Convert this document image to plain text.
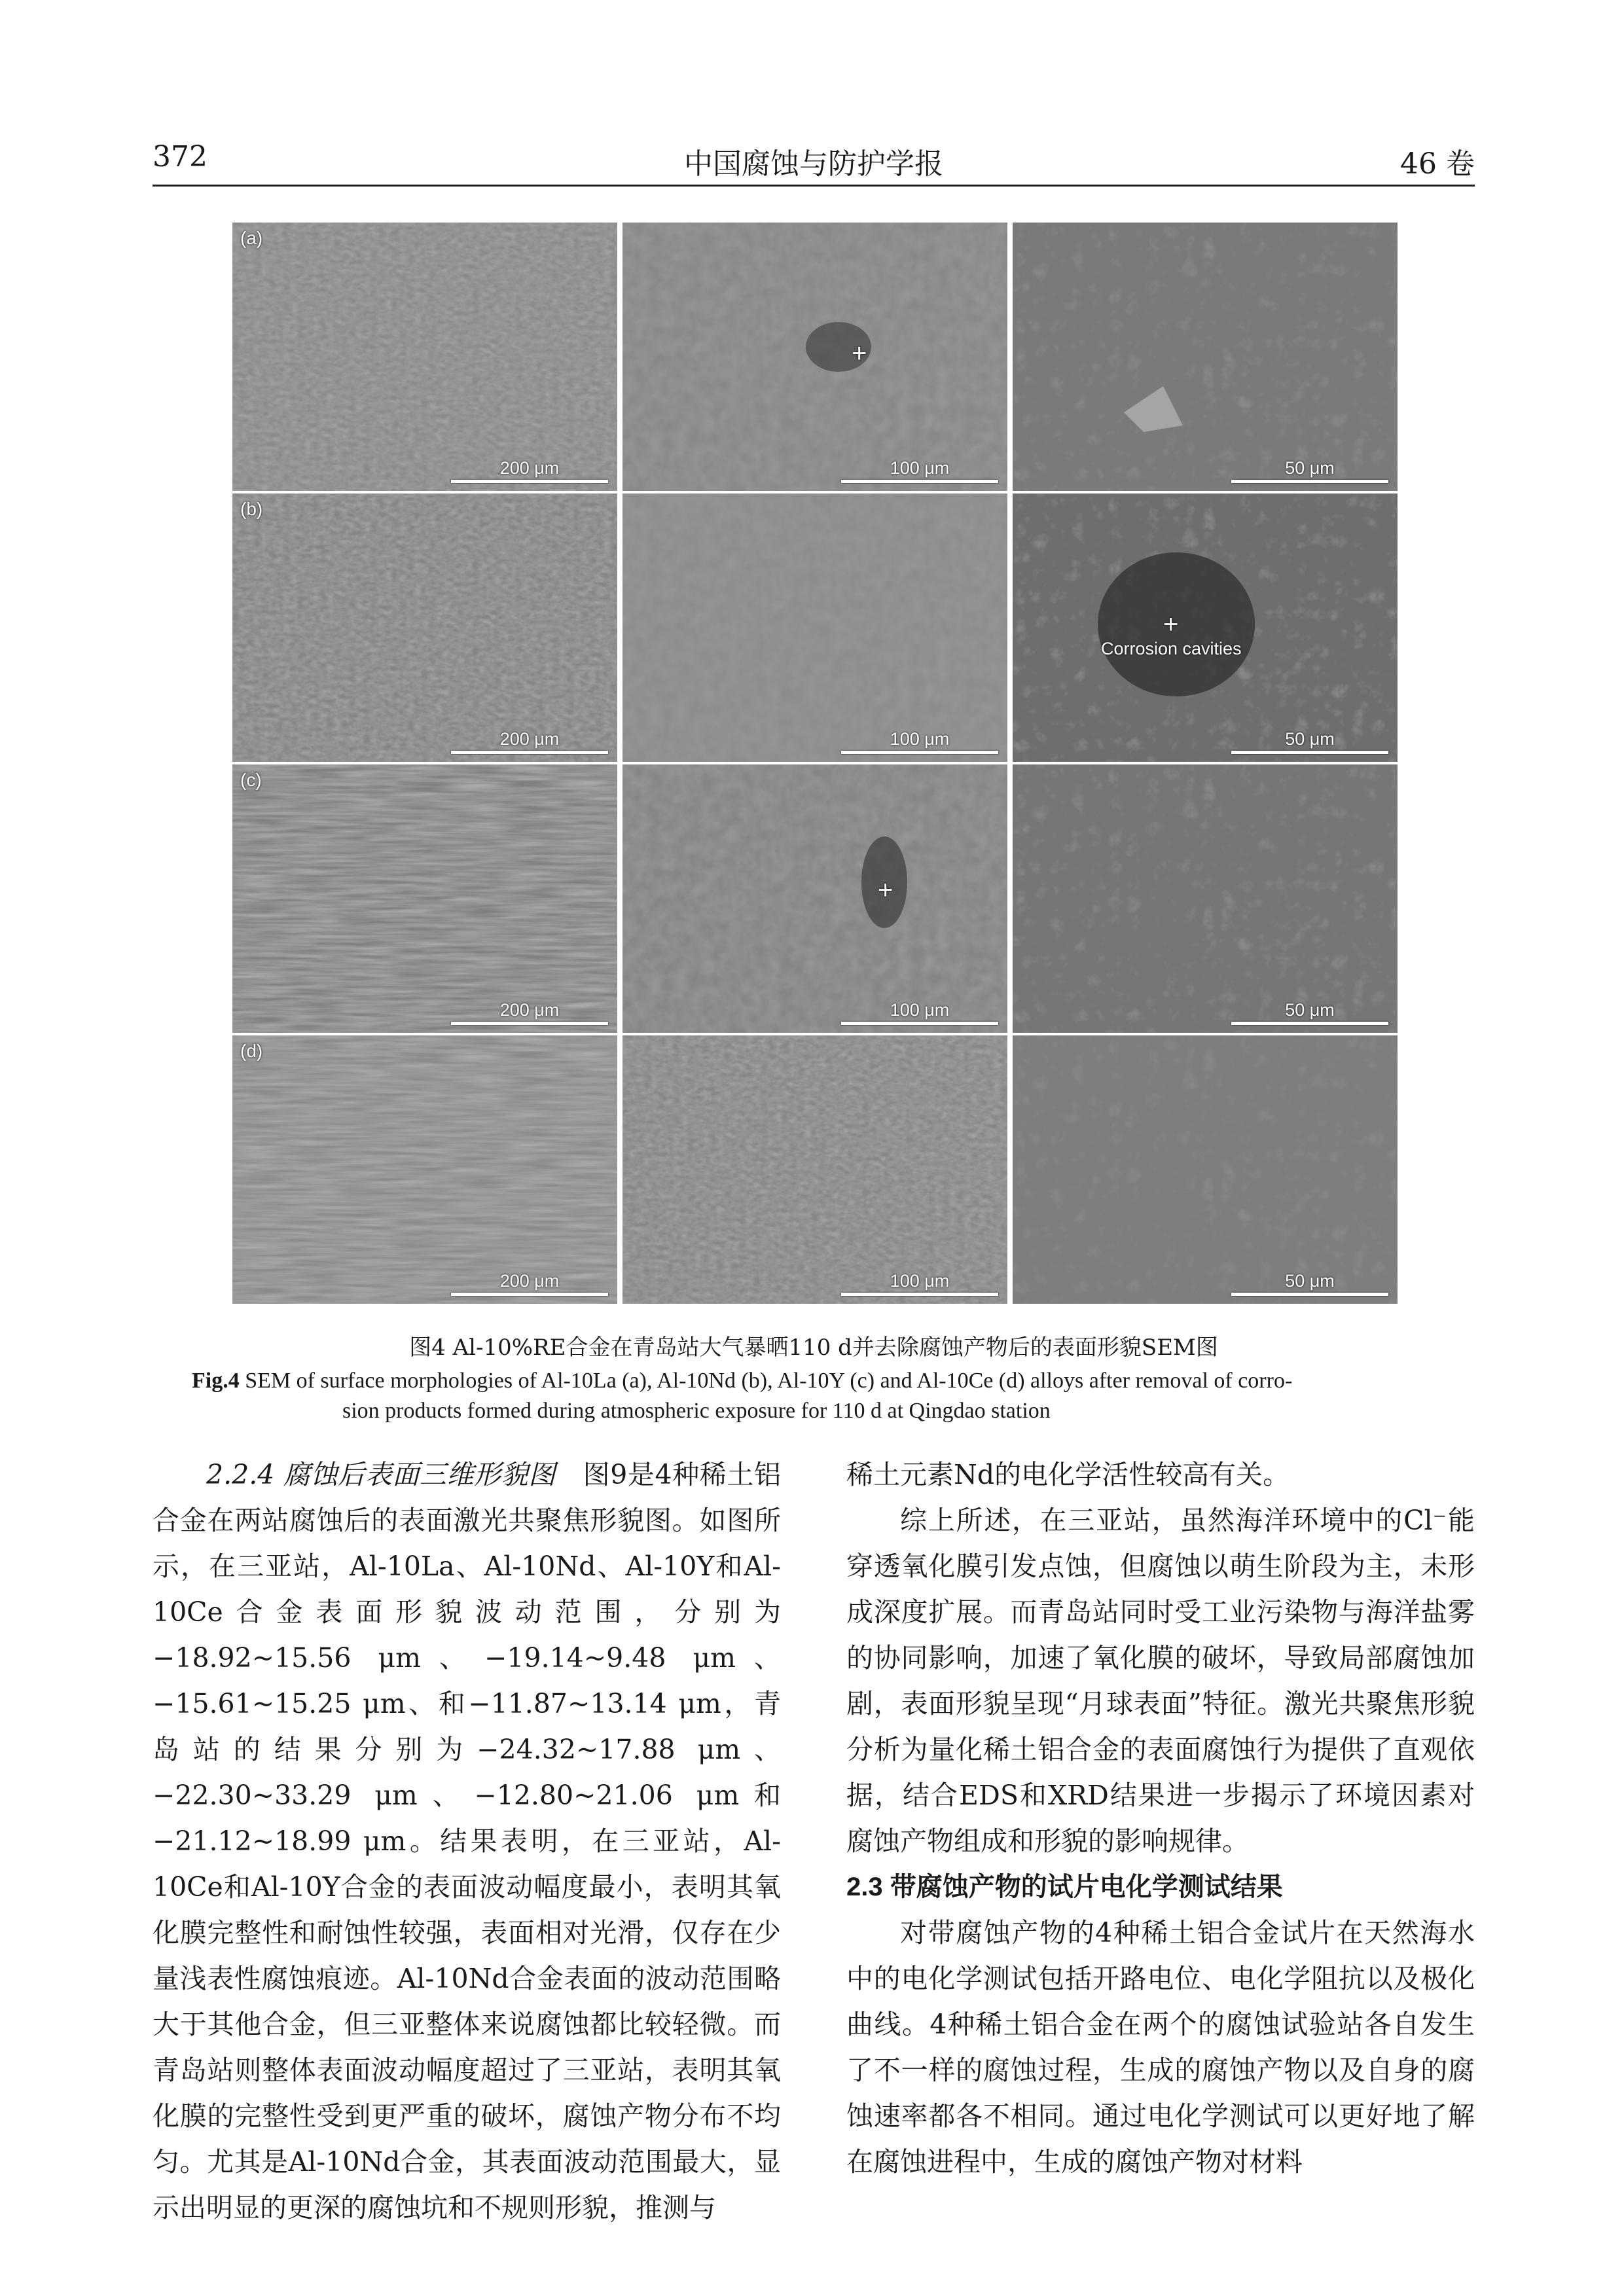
372	中国腐蚀与防护学报	46 卷
(a)
200 μm
+
100 μm	50 μm
(b)
200 μm	100 μm
+
Corrosion cavities
50 μm
(c)
200 μm
+
100 μm	50 μm
(d)
200 μm	100 μm	50 μm
图4 Al-10%RE合金在青岛站大气暴晒110 d并去除腐蚀产物后的表面形貌SEM图
Fig.4 SEM of surface morphologies of Al-10La (a), Al-10Nd (b), Al-10Y (c) and Al-10Ce (d) alloys after removal of corro-
sion products formed during atmospheric exposure for 110 d at Qingdao station

2.2.4 腐蚀后表面三维形貌图　 图9是4种稀土铝合金在两站腐蚀后的表面激光共聚焦形貌图。如图所示，在三亚站，Al-10La、Al-10Nd、Al-10Y和Al-10Ce合金表面形貌波动范围，分别为−18.92~15.56 μm、−19.14~9.48 μm、−15.61~15.25 μm、和−11.87~13.14 μm，青岛站的结果分别为−24.32~17.88 μm、−22.30~33.29 μm、−12.80~21.06 μm和−21.12~18.99 μm。结果表明，在三亚站，Al-10Ce和Al-10Y合金的表面波动幅度最小，表明其氧化膜完整性和耐蚀性较强，表面相对光滑，仅存在少量浅表性腐蚀痕迹。Al-10Nd合金表面的波动范围略大于其他合金，但三亚整体来说腐蚀都比较轻微。而青岛站则整体表面波动幅度超过了三亚站，表明其氧化膜的完整性受到更严重的破坏，腐蚀产物分布不均匀。尤其是Al-10Nd合金，其表面波动范围最大，显示出明显的更深的腐蚀坑和不规则形貌，推测与

稀土元素Nd的电化学活性较高有关。

综上所述，在三亚站，虽然海洋环境中的Cl⁻能穿透氧化膜引发点蚀，但腐蚀以萌生阶段为主，未形成深度扩展。而青岛站同时受工业污染物与海洋盐雾的协同影响，加速了氧化膜的破坏，导致局部腐蚀加剧，表面形貌呈现“月球表面”特征。激光共聚焦形貌分析为量化稀土铝合金的表面腐蚀行为提供了直观依据，结合EDS和XRD结果进一步揭示了环境因素对腐蚀产物组成和形貌的影响规律。

2.3 带腐蚀产物的试片电化学测试结果

对带腐蚀产物的4种稀土铝合金试片在天然海水中的电化学测试包括开路电位、电化学阻抗以及极化曲线。4种稀土铝合金在两个的腐蚀试验站各自发生了不一样的腐蚀过程，生成的腐蚀产物以及自身的腐蚀速率都各不相同。通过电化学测试可以更好地了解在腐蚀进程中，生成的腐蚀产物对材料
